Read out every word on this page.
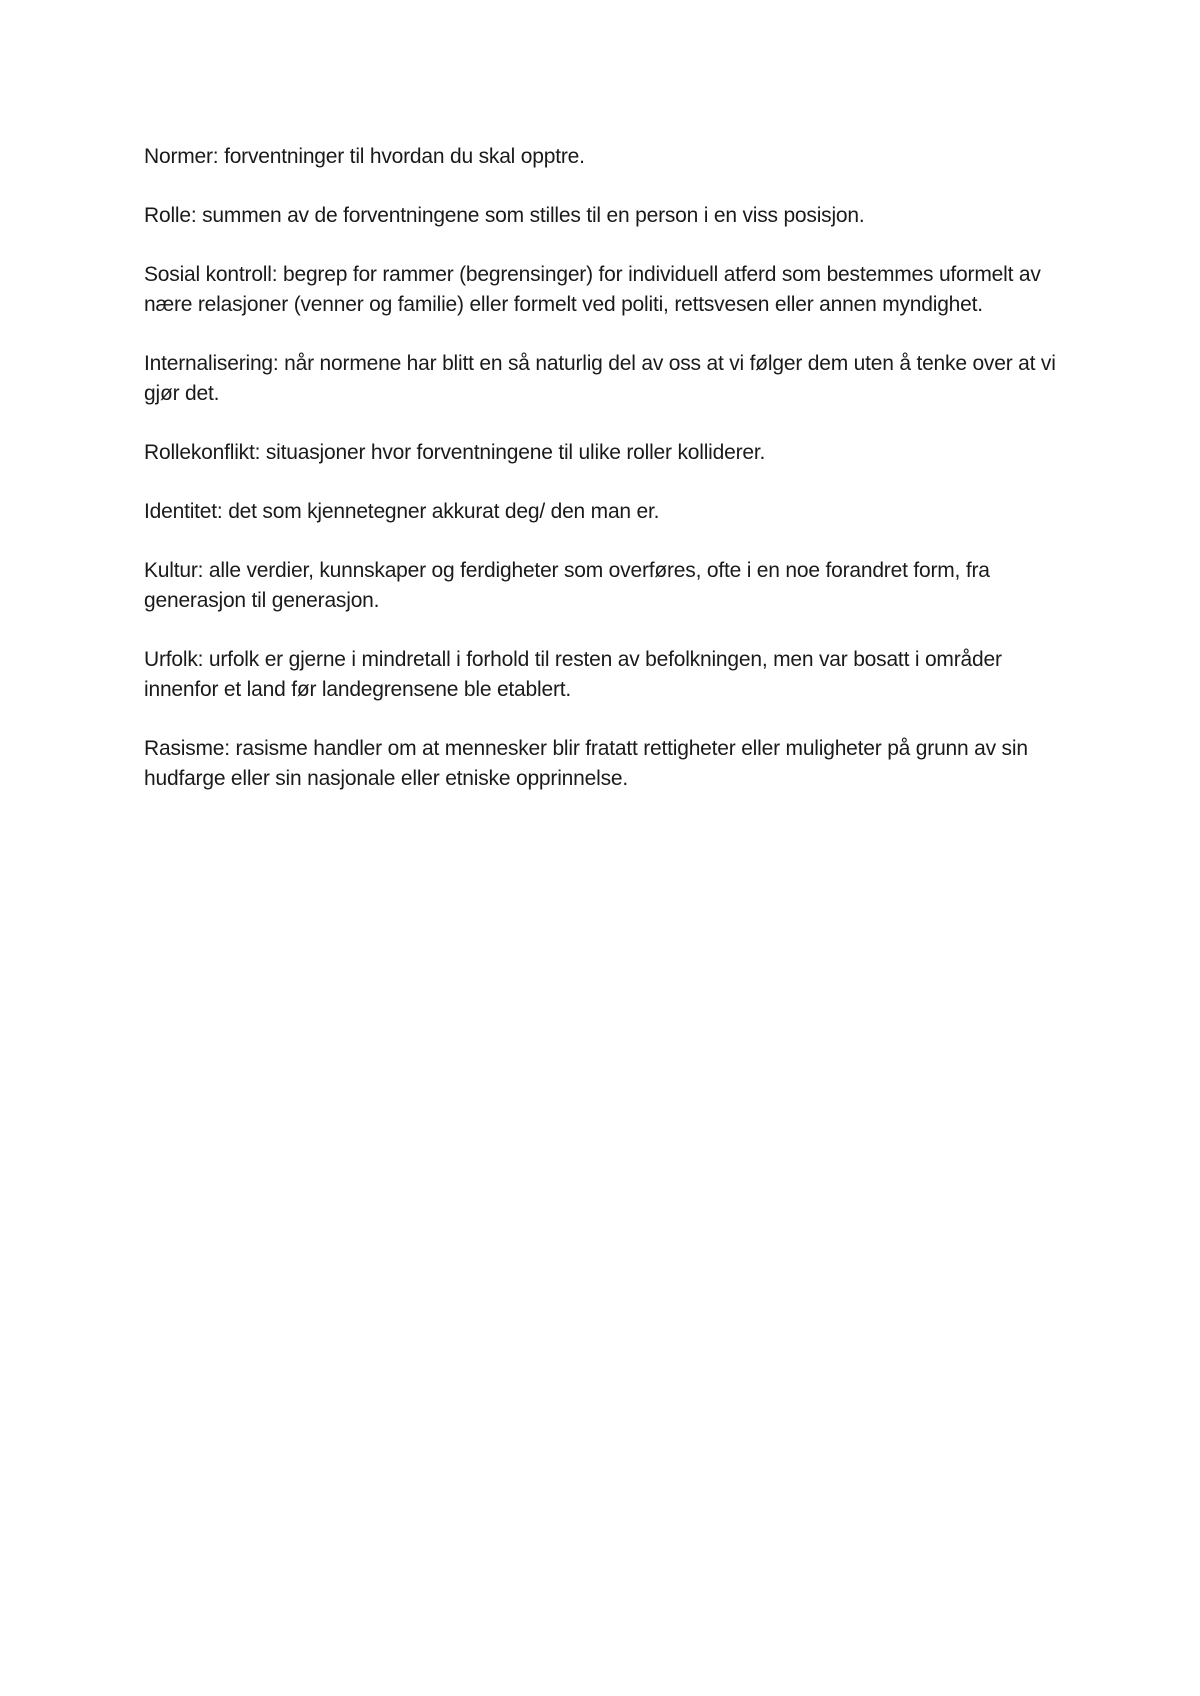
Normer: forventninger til hvordan du skal opptre.

Rolle: summen av de forventningene som stilles til en person i en viss posisjon.

Sosial kontroll: begrep for rammer (begrensinger) for individuell atferd som bestemmes uformelt av nære relasjoner (venner og familie) eller formelt ved politi, rettsvesen eller annen myndighet.

Internalisering: når normene har blitt en så naturlig del av oss at vi følger dem uten å tenke over at vi gjør det.

Rollekonflikt: situasjoner hvor forventningene til ulike roller kolliderer.

Identitet: det som kjennetegner akkurat deg/ den man er.

Kultur: alle verdier, kunnskaper og ferdigheter som overføres, ofte i en noe forandret form, fra generasjon til generasjon.

Urfolk: urfolk er gjerne i mindretall i forhold til resten av befolkningen, men var bosatt i områder innenfor et land før landegrensene ble etablert.

Rasisme: rasisme handler om at mennesker blir fratatt rettigheter eller muligheter på grunn av sin hudfarge eller sin nasjonale eller etniske opprinnelse.
